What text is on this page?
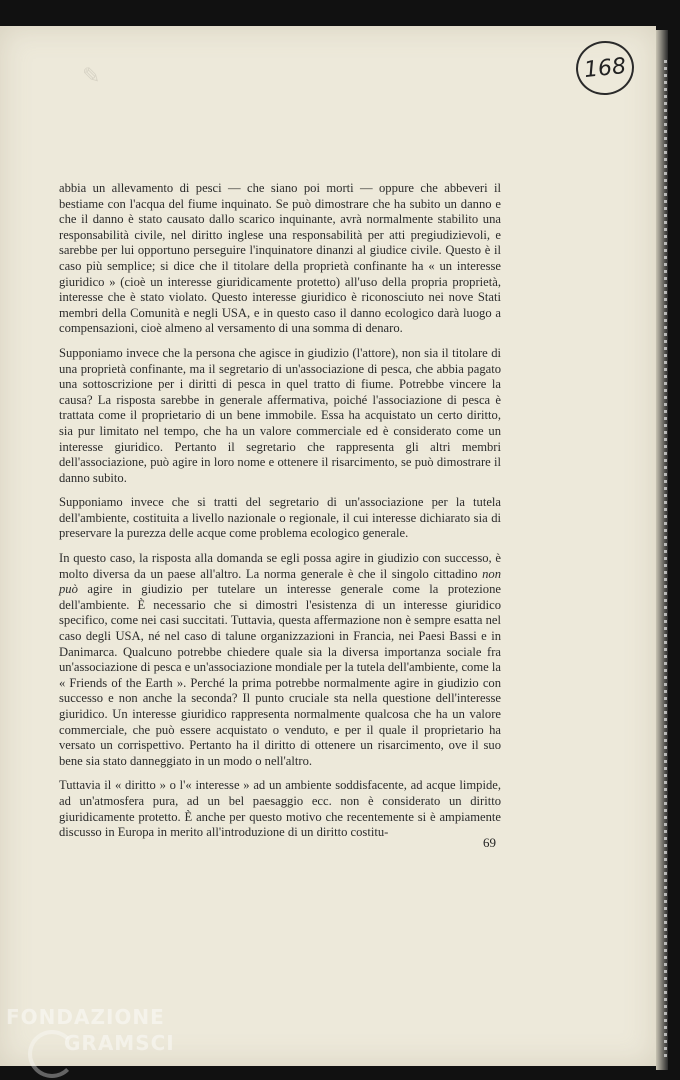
✎	168

abbia un allevamento di pesci — che siano poi morti — oppure che abbeveri il bestiame con l'acqua del fiume inquinato. Se può dimostrare che ha subito un danno e che il danno è stato causato dallo scarico inquinante, avrà normalmente stabilito una responsabilità civile, nel diritto inglese una responsabilità per atti pregiudizievoli, e sarebbe per lui opportuno perseguire l'inquinatore dinanzi al giudice civile. Questo è il caso più semplice; si dice che il titolare della proprietà confinante ha « un interesse giuridico » (cioè un interesse giuridicamente protetto) all'uso della propria proprietà, interesse che è stato violato. Questo interesse giuridico è riconosciuto nei nove Stati membri della Comunità e negli USA, e in questo caso il danno ecologico darà luogo a compensazioni, cioè almeno al versamento di una somma di denaro.

Supponiamo invece che la persona che agisce in giudizio (l'attore), non sia il titolare di una proprietà confinante, ma il segretario di un'associazione di pesca, che abbia pagato una sottoscrizione per i diritti di pesca in quel tratto di fiume. Potrebbe vincere la causa? La risposta sarebbe in generale affermativa, poiché l'associazione di pesca è trattata come il proprietario di un bene immobile. Essa ha acquistato un certo diritto, sia pur limitato nel tempo, che ha un valore commerciale ed è considerato come un interesse giuridico. Pertanto il segretario che rappresenta gli altri membri dell'associazione, può agire in loro nome e ottenere il risarcimento, se può dimostrare il danno subito.

Supponiamo invece che si tratti del segretario di un'associazione per la tutela dell'ambiente, costituita a livello nazionale o regionale, il cui interesse dichiarato sia di preservare la purezza delle acque come problema ecologico generale.

In questo caso, la risposta alla domanda se egli possa agire in giudizio con successo, è molto diversa da un paese all'altro. La norma generale è che il singolo cittadino non può agire in giudizio per tutelare un interesse generale come la protezione dell'ambiente. È necessario che si dimostri l'esistenza di un interesse giuridico specifico, come nei casi succitati. Tuttavia, questa affermazione non è sempre esatta nel caso degli USA, né nel caso di talune organizzazioni in Francia, nei Paesi Bassi e in Danimarca. Qualcuno potrebbe chiedere quale sia la diversa importanza sociale fra un'associazione di pesca e un'associazione mondiale per la tutela dell'ambiente, come la « Friends of the Earth ». Perché la prima potrebbe normalmente agire in giudizio con successo e non anche la seconda? Il punto cruciale sta nella questione dell'interesse giuridico. Un interesse giuridico rappresenta normalmente qualcosa che ha un valore commerciale, che può essere acquistato o venduto, e per il quale il proprietario ha versato un corrispettivo. Pertanto ha il diritto di ottenere un risarcimento, ove il suo bene sia stato danneggiato in un modo o nell'altro.

Tuttavia il « diritto » o l'« interesse » ad un ambiente soddisfacente, ad acque limpide, ad un'atmosfera pura, ad un bel paesaggio ecc. non è considerato un diritto giuridicamente protetto. È anche per questo motivo che recentemente si è ampiamente discusso in Europa in merito all'introduzione di un diritto costitu-

69
FONDAZIONE
GRAMSCI
